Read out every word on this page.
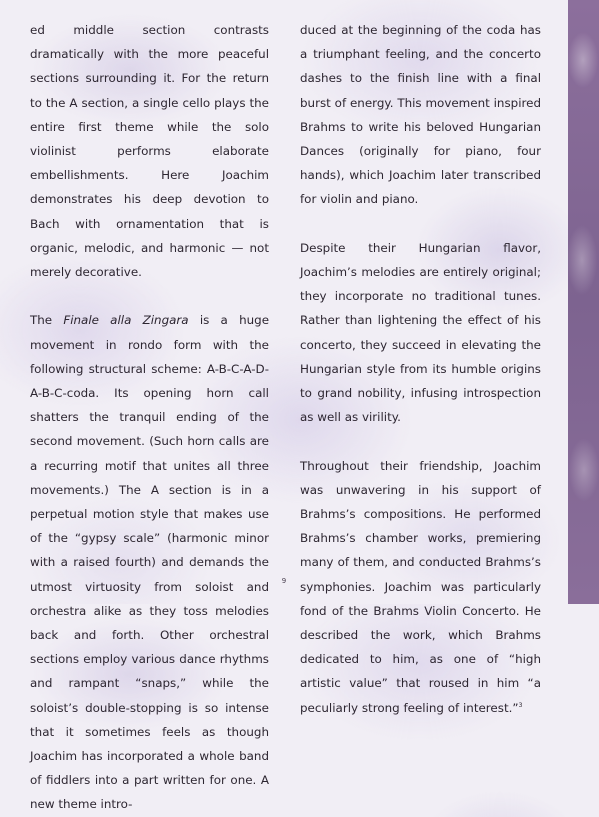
ed middle section contrasts dramatically with the more peaceful sections surrounding it. For the return to the A section, a single cello plays the entire first theme while the solo violinist performs elaborate embellishments. Here Joachim demonstrates his deep devotion to Bach with ornamentation that is organic, melodic, and harmonic — not merely decorative.

The Finale alla Zingara is a huge movement in rondo form with the following structural scheme: A-B-C-A-D-A-B-C-coda. Its opening horn call shatters the tranquil ending of the second movement. (Such horn calls are a recurring motif that unites all three movements.) The A section is in a perpetual motion style that makes use of the “gypsy scale” (harmonic minor with a raised fourth) and demands the utmost virtuosity from soloist and orchestra alike as they toss melodies back and forth. Other orchestral sections employ various dance rhythms and rampant “snaps,” while the soloist’s double-stopping is so intense that it sometimes feels as though Joachim has incorporated a whole band of fiddlers into a part written for one. A new theme intro-

duced at the beginning of the coda has a triumphant feeling, and the concerto dashes to the finish line with a final burst of energy. This movement inspired Brahms to write his beloved Hungarian Dances (originally for piano, four hands), which Joachim later transcribed for violin and piano.

Despite their Hungarian flavor, Joachim’s melodies are entirely original; they incorporate no traditional tunes. Rather than lightening the effect of his concerto, they succeed in elevating the Hungarian style from its humble origins to grand nobility, infusing introspection as well as virility.

Throughout their friendship, Joachim was unwavering in his support of Brahms’s compositions. He performed Brahms’s chamber works, premiering many of them, and conducted Brahms’s symphonies. Joachim was particularly fond of the Brahms Violin Concerto. He described the work, which Brahms dedicated to him, as one of “high artistic value” that roused in him “a peculiarly strong feeling of interest.”$^3$

9
